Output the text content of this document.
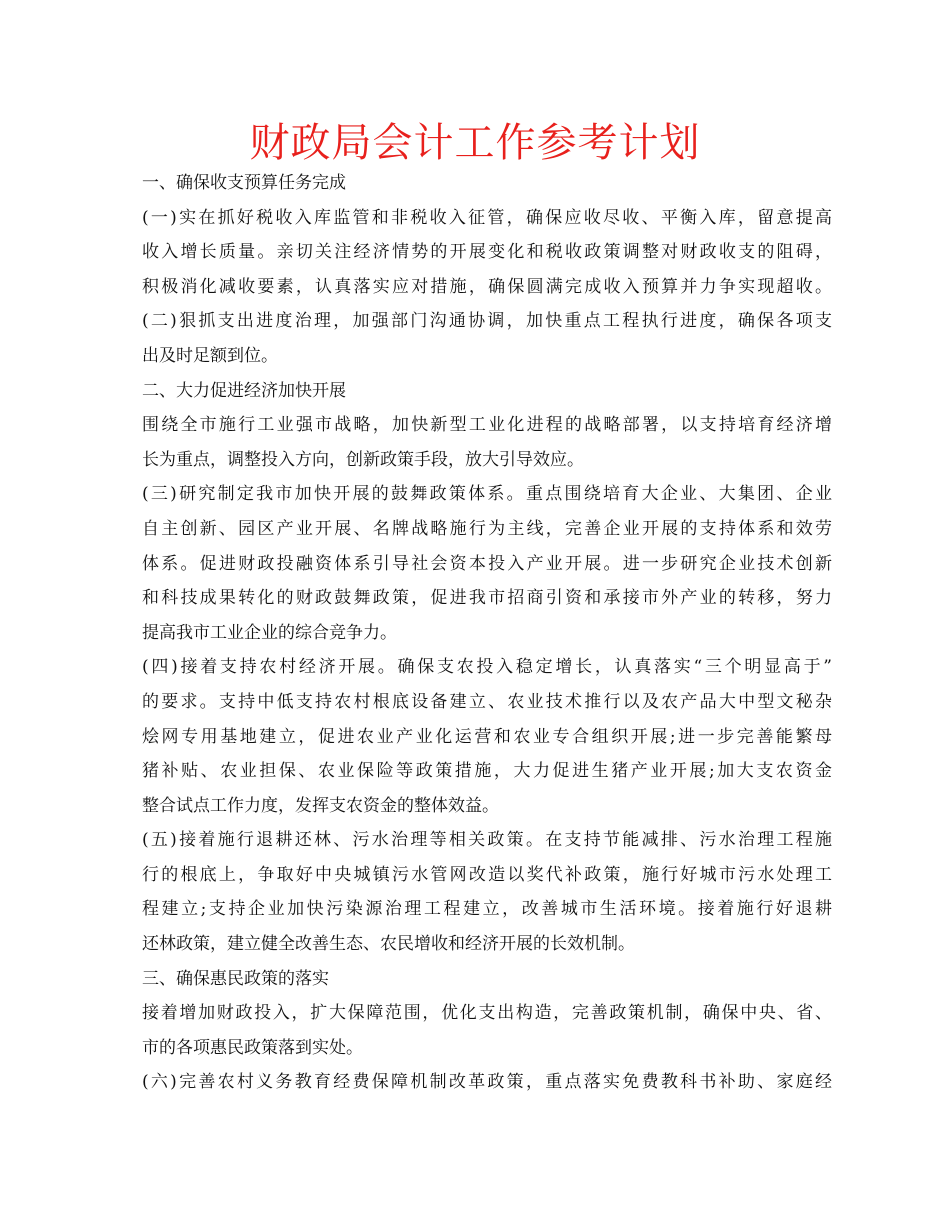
财政局会计工作参考计划
一、确保收支预算任务完成
(一)实在抓好税收入库监管和非税收入征管，确保应收尽收、平衡入库，留意提高
收入增长质量。亲切关注经济情势的开展变化和税收政策调整对财政收支的阻碍，
积极消化减收要素，认真落实应对措施，确保圆满完成收入预算并力争实现超收。
(二)狠抓支出进度治理，加强部门沟通协调，加快重点工程执行进度，确保各项支
出及时足额到位。
二、大力促进经济加快开展
围绕全市施行工业强市战略，加快新型工业化进程的战略部署，以支持培育经济增
长为重点，调整投入方向，创新政策手段，放大引导效应。
(三)研究制定我市加快开展的鼓舞政策体系。重点围绕培育大企业、大集团、企业
自主创新、园区产业开展、名牌战略施行为主线，完善企业开展的支持体系和效劳
体系。促进财政投融资体系引导社会资本投入产业开展。进一步研究企业技术创新
和科技成果转化的财政鼓舞政策，促进我市招商引资和承接市外产业的转移，努力
提高我市工业企业的综合竞争力。
(四)接着支持农村经济开展。确保支农投入稳定增长，认真落实“三个明显高于”
的要求。支持中低支持农村根底设备建立、农业技术推行以及农产品大中型文秘杂
烩网专用基地建立，促进农业产业化运营和农业专合组织开展;进一步完善能繁母
猪补贴、农业担保、农业保险等政策措施，大力促进生猪产业开展;加大支农资金
整合试点工作力度，发挥支农资金的整体效益。
(五)接着施行退耕还林、污水治理等相关政策。在支持节能减排、污水治理工程施
行的根底上，争取好中央城镇污水管网改造以奖代补政策，施行好城市污水处理工
程建立;支持企业加快污染源治理工程建立，改善城市生活环境。接着施行好退耕
还林政策，建立健全改善生态、农民增收和经济开展的长效机制。
三、确保惠民政策的落实
接着增加财政投入，扩大保障范围，优化支出构造，完善政策机制，确保中央、省、
市的各项惠民政策落到实处。
(六)完善农村义务教育经费保障机制改革政策，重点落实免费教科书补助、家庭经
